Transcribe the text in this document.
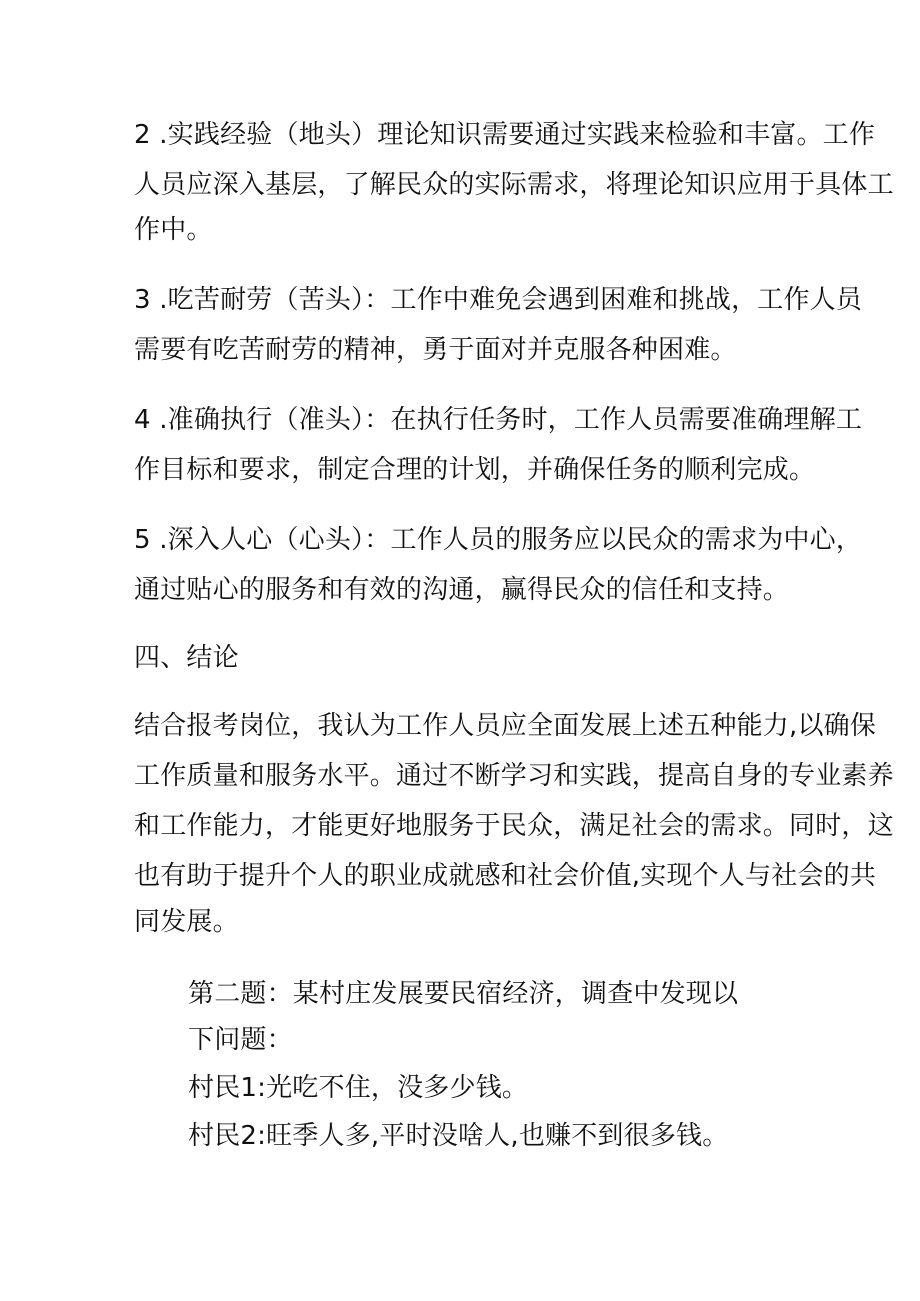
2 .实践经验（地头）理论知识需要通过实践来检验和丰富。工作
人员应深入基层，了解民众的实际需求，将理论知识应用于具体工
作中。
3 .吃苦耐劳（苦头）：工作中难免会遇到困难和挑战，工作人员
需要有吃苦耐劳的精神，勇于面对并克服各种困难。
4 .准确执行（准头）：在执行任务时，工作人员需要准确理解工
作目标和要求，制定合理的计划，并确保任务的顺利完成。
5 .深入人心（心头）：工作人员的服务应以民众的需求为中心，
通过贴心的服务和有效的沟通，赢得民众的信任和支持。
四、结论
结合报考岗位，我认为工作人员应全面发展上述五种能力,以确保
工作质量和服务水平。通过不断学习和实践，提高自身的专业素养
和工作能力，才能更好地服务于民众，满足社会的需求。同时，这
也有助于提升个人的职业成就感和社会价值,实现个人与社会的共
同发展。
第二题：某村庄发展要民宿经济，调查中发现以
下问题：
村民1:光吃不住，没多少钱。
村民2:旺季人多,平时没啥人,也赚不到很多钱。
